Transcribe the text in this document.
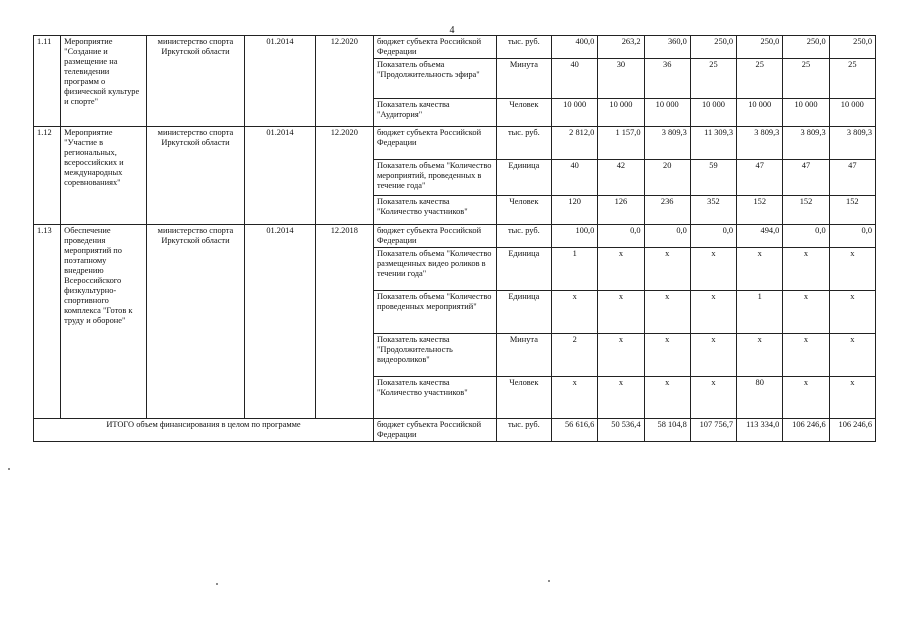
4
1.11	Мероприятие "Создание и размещение на телевидении программ о физической культуре и спорте"	министерство спорта Иркутской области	01.2014	12.2020	бюджет субъекта Российской Федерации	тыс. руб.	400,0	263,2	360,0	250,0	250,0	250,0	250,0
					Показатель объема "Продолжительность эфира"	Минута	40	30	36	25	25	25	25
					Показатель качества "Аудитория"	Человек	10 000	10 000	10 000	10 000	10 000	10 000	10 000
1.12	Мероприятие "Участие в региональных, всероссийских и международных соревнованиях"	министерство спорта Иркутской области	01.2014	12.2020	бюджет субъекта Российской Федерации	тыс. руб.	2 812,0	1 157,0	3 809,3	11 309,3	3 809,3	3 809,3	3 809,3
					Показатель объема "Количество мероприятий, проведенных в течение года"	Единица	40	42	20	59	47	47	47
					Показатель качества "Количество участников"	Человек	120	126	236	352	152	152	152
1.13	Обеспечение проведения мероприятий по поэтапному внедрению Всероссийского физкультурно-спортивного комплекса "Готов к труду и обороне"	министерство спорта Иркутской области	01.2014	12.2018	бюджет субъекта Российской Федерации	тыс. руб.	100,0	0,0	0,0	0,0	494,0	0,0	0,0
					Показатель объема "Количество размещенных видео роликов в течении года"	Единица	1	x	x	x	x	x	x
					Показатель объема "Количество проведенных мероприятий"	Единица	x	x	x	x	1	x	x
					Показатель качества "Продолжительность видеороликов"	Минута	2	x	x	x	x	x	x
					Показатель качества "Количество участников"	Человек	x	x	x	x	80	x	x
ИТОГО объем финансирования в целом по программе					бюджет субъекта Российской Федерации	тыс. руб.	56 616,6	50 536,4	58 104,8	107 756,7	113 334,0	106 246,6	106 246,6
